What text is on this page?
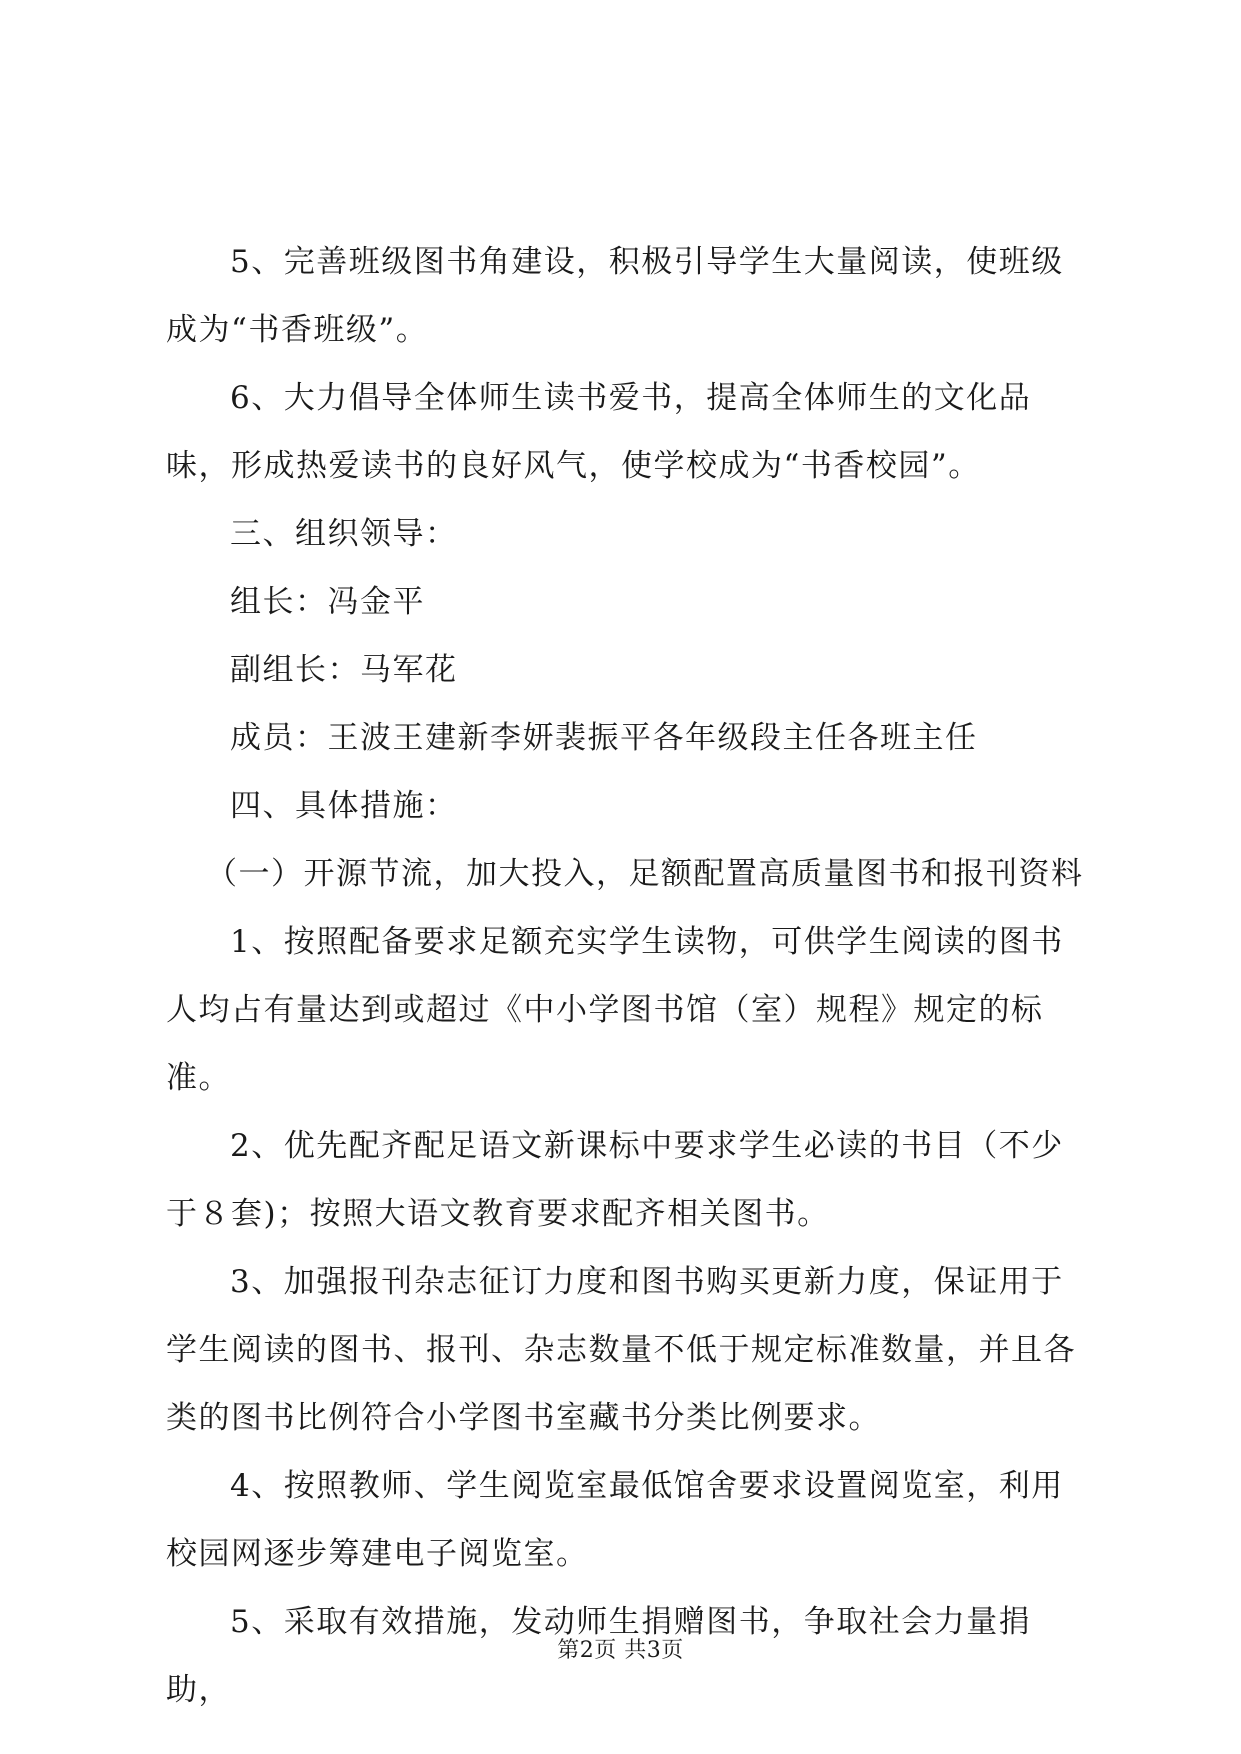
5、完善班级图书角建设，积极引导学生大量阅读，使班级成为“书香班级”。

6、大力倡导全体师生读书爱书，提高全体师生的文化品味，形成热爱读书的良好风气，使学校成为“书香校园”。

三、组织领导：

组长：冯金平

副组长：马军花

成员：王波王建新李妍裴振平各年级段主任各班主任

四、具体措施：

（一）开源节流，加大投入，足额配置高质量图书和报刊资料

1、按照配备要求足额充实学生读物，可供学生阅读的图书人均占有量达到或超过《中小学图书馆（室）规程》规定的标准。

2、优先配齐配足语文新课标中要求学生必读的书目（不少于８套)；按照大语文教育要求配齐相关图书。

3、加强报刊杂志征订力度和图书购买更新力度，保证用于学生阅读的图书、报刊、杂志数量不低于规定标准数量，并且各类的图书比例符合小学图书室藏书分类比例要求。

4、按照教师、学生阅览室最低馆舍要求设置阅览室，利用校园网逐步筹建电子阅览室。

5、采取有效措施，发动师生捐赠图书，争取社会力量捐助，

第2页 共3页
